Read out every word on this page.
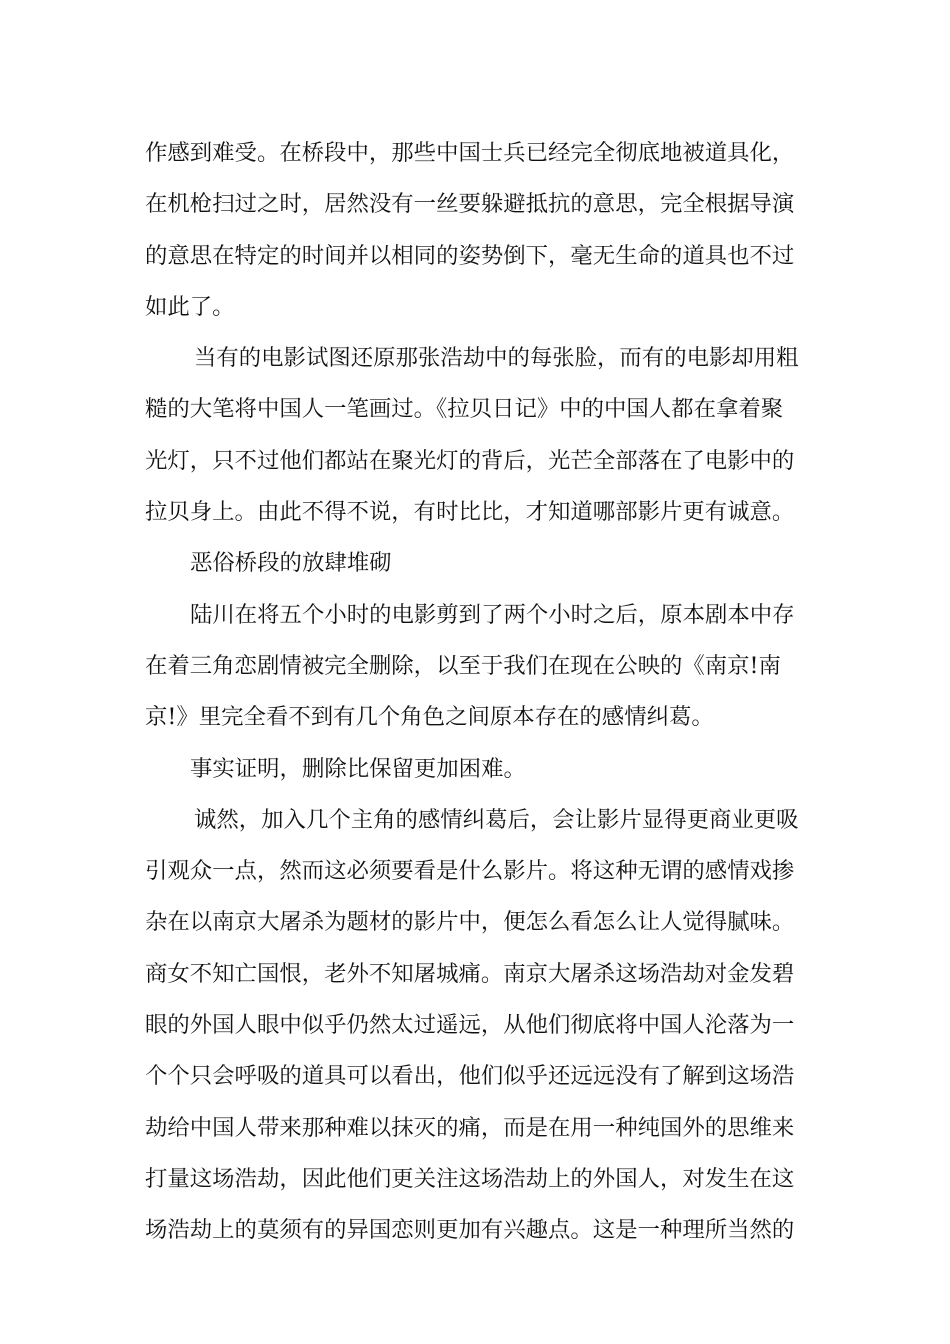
作感到难受。在桥段中，那些中国士兵已经完全彻底地被道具化，
在机枪扫过之时，居然没有一丝要躲避抵抗的意思，完全根据导演
的意思在特定的时间并以相同的姿势倒下，毫无生命的道具也不过
如此了。
当有的电影试图还原那张浩劫中的每张脸，而有的电影却用粗
糙的大笔将中国人一笔画过。《拉贝日记》中的中国人都在拿着聚
光灯，只不过他们都站在聚光灯的背后，光芒全部落在了电影中的
拉贝身上。由此不得不说，有时比比，才知道哪部影片更有诚意。
恶俗桥段的放肆堆砌
陆川在将五个小时的电影剪到了两个小时之后，原本剧本中存
在着三角恋剧情被完全删除，以至于我们在现在公映的《南京!南
京!》里完全看不到有几个角色之间原本存在的感情纠葛。
事实证明，删除比保留更加困难。
诚然，加入几个主角的感情纠葛后，会让影片显得更商业更吸
引观众一点，然而这必须要看是什么影片。将这种无谓的感情戏掺
杂在以南京大屠杀为题材的影片中，便怎么看怎么让人觉得腻味。
商女不知亡国恨，老外不知屠城痛。南京大屠杀这场浩劫对金发碧
眼的外国人眼中似乎仍然太过遥远，从他们彻底将中国人沦落为一
个个只会呼吸的道具可以看出，他们似乎还远远没有了解到这场浩
劫给中国人带来那种难以抹灭的痛，而是在用一种纯国外的思维来
打量这场浩劫，因此他们更关注这场浩劫上的外国人，对发生在这
场浩劫上的莫须有的异国恋则更加有兴趣点。这是一种理所当然的
